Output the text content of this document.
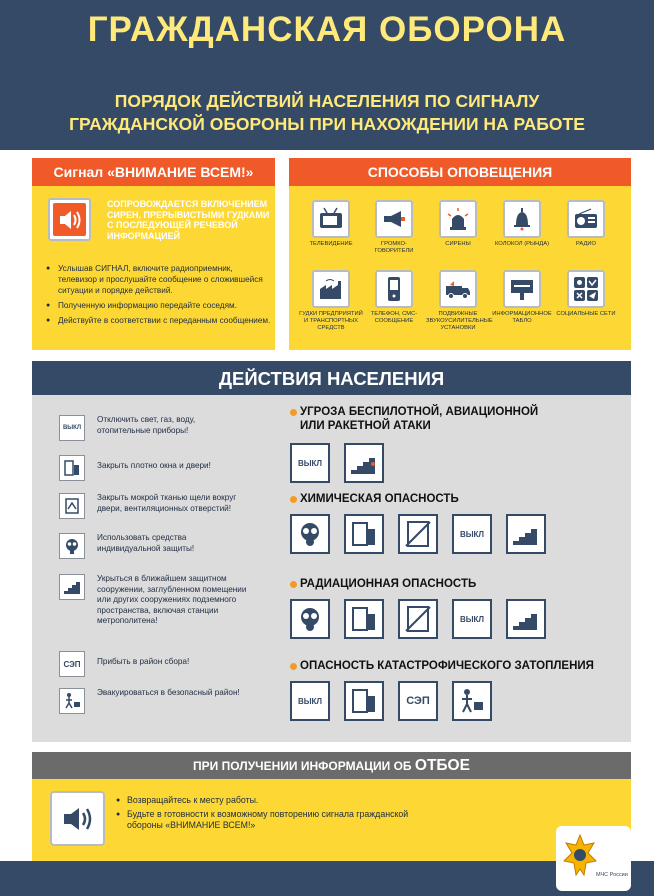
ГРАЖДАНСКАЯ ОБОРОНА
ПОРЯДОК ДЕЙСТВИЙ НАСЕЛЕНИЯ ПО СИГНАЛУ
ГРАЖДАНСКОЙ ОБОРОНЫ ПРИ НАХОЖДЕНИИ НА РАБОТЕ
Сигнал «ВНИМАНИЕ ВСЕМ!»
СОПРОВОЖДАЕТСЯ ВКЛЮЧЕНИЕМ СИРЕН, ПРЕРЫВИСТЫМИ ГУДКАМИ С ПОСЛЕДУЮЩЕЙ РЕЧЕВОЙ ИНФОРМАЦИЕЙ
● Услышав СИГНАЛ, включите радиоприемник, телевизор и прослушайте сообщение о сложившейся ситуации и порядке действий.
● Полученную информацию передайте соседям.
● Действуйте в соответствии с переданным сообщением.
СПОСОБЫ ОПОВЕЩЕНИЯ
ТЕЛЕВИДЕНИЕ	ГРОМКО-ГОВОРИТЕЛИ
СИРЕНЫ	КОЛОКОЛ (РЫНДА)	РАДИО
ГУДКИ ПРЕДПРИЯТИЙ И ТРАНСПОРТНЫХ СРЕДСТВ
ТЕЛЕФОН, СМС-СООБЩЕНИЕ
ПОДВИЖНЫЕ ЗВУКОУСИЛИТЕЛЬНЫЕ УСТАНОВКИ
ИНФОРМАЦИОННОЕ ТАБЛО
СОЦИАЛЬНЫЕ СЕТИ
ДЕЙСТВИЯ НАСЕЛЕНИЯ
ВЫКЛ
Отключить свет, газ, воду, отопительные приборы!
Закрыть плотно окна и двери!
Закрыть мокрой тканью щели вокруг двери, вентиляционных отверстий!
Использовать средства индивидуальной защиты!
Укрыться в ближайшем защитном сооружении, заглубленном помещении или других сооружениях подземного пространства, включая станции метрополитена!
СЭП Прибыть в район сбора!
Эвакуироваться в безопасный район!
УГРОЗА БЕСПИЛОТНОЙ, АВИАЦИОННОЙ
ИЛИ РАКЕТНОЙ АТАКИ
ВЫКЛ
ХИМИЧЕСКАЯ ОПАСНОСТЬ
ВЫКЛ
РАДИАЦИОННАЯ ОПАСНОСТЬ
ВЫКЛ
ОПАСНОСТЬ КАТАСТРОФИЧЕСКОГО ЗАТОПЛЕНИЯ
ВЫКЛ	СЭП
ПРИ ПОЛУЧЕНИИ ИНФОРМАЦИИ ОБ ОТБОЕ
● Возвращайтесь к месту работы.
● Будьте в готовности к возможному повторению сигнала гражданской обороны «ВНИМАНИЕ ВСЕМ!»
МЧС России
